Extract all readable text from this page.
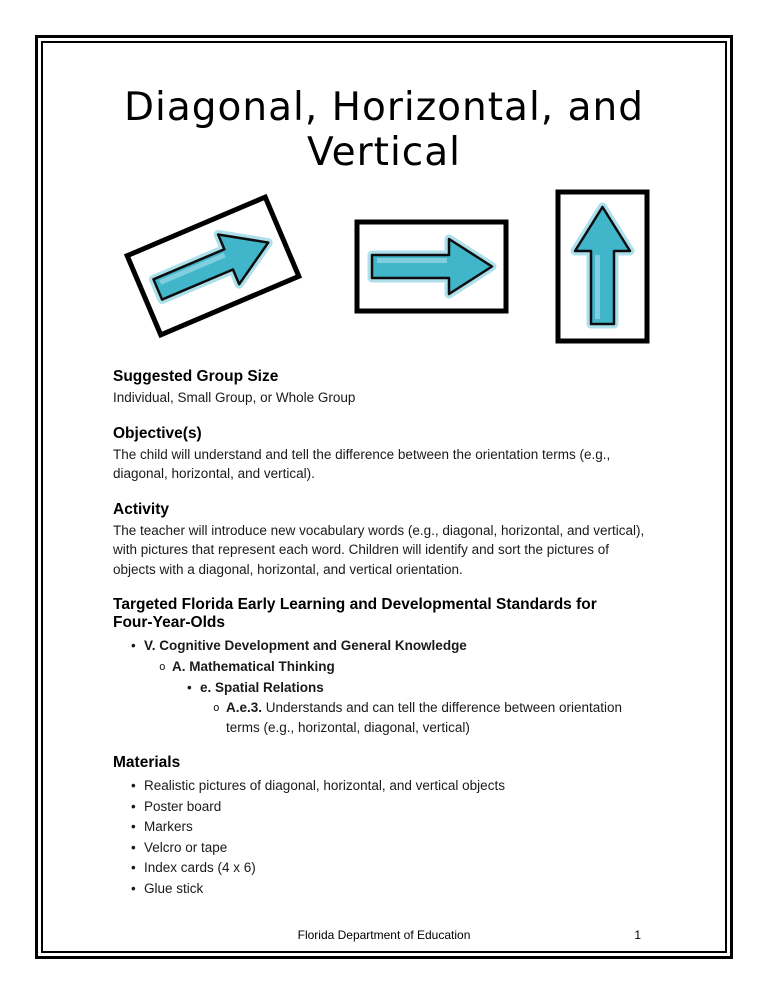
Diagonal, Horizontal, and Vertical
Suggested Group Size

Individual, Small Group, or Whole Group

Objective(s)

The child will understand and tell the difference between the orientation terms (e.g., diagonal, horizontal, and vertical).

Activity

The teacher will introduce new vocabulary words (e.g., diagonal, horizontal, and vertical), with pictures that represent each word. Children will identify and sort the pictures of objects with a diagonal, horizontal, and vertical orientation.

Targeted Florida Early Learning and Developmental Standards for Four-Year-Olds
• V. Cognitive Development and General Knowledge
o A. Mathematical Thinking
• e. Spatial Relations
o A.e.3. Understands and can tell the difference between orientation terms (e.g., horizontal, diagonal, vertical)
Materials
• Realistic pictures of diagonal, horizontal, and vertical objects
• Poster board
• Markers
• Velcro or tape
• Index cards (4 x 6)
• Glue stick
Florida Department of Education	1
